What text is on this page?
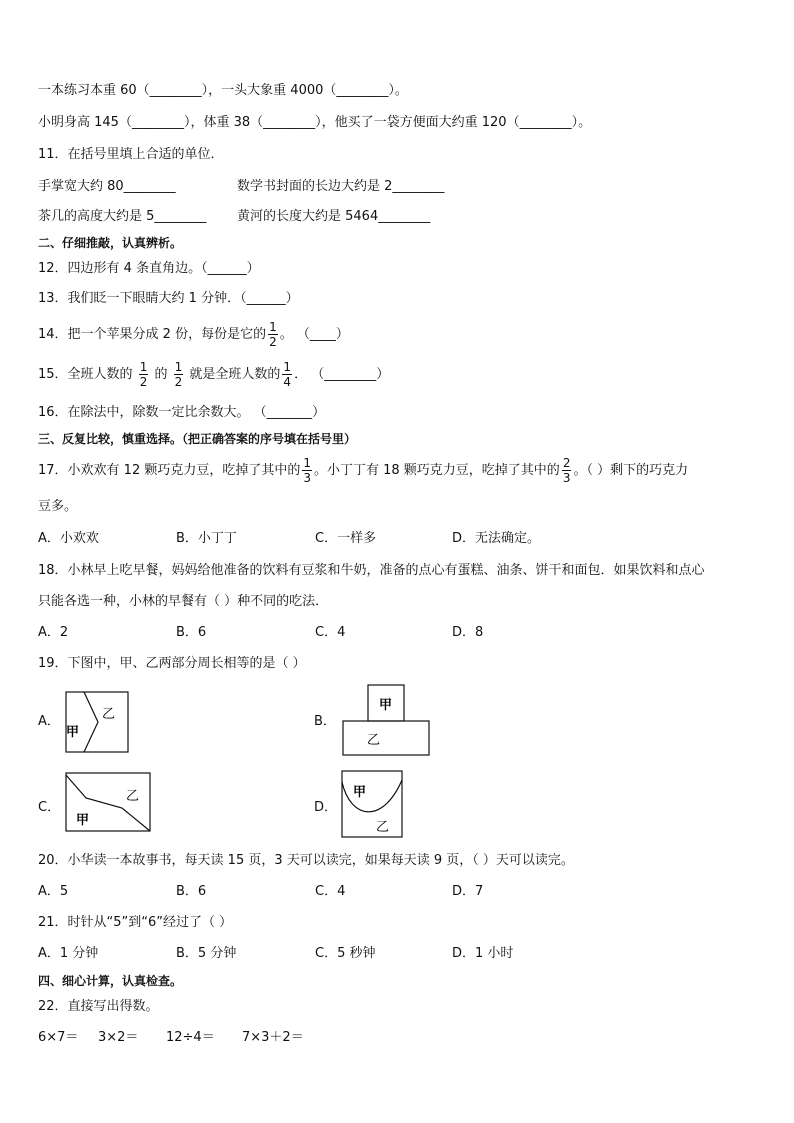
一本练习本重 60（________），一头大象重 4000（________）。
小明身高 145（________），体重 38（________），他买了一袋方便面大约重 120（________）。
11．在括号里填上合适的单位．
手掌宽大约 80________	数学书封面的长边大约是 2________
茶几的高度大约是 5________ 黄河的长度大约是 5464________
二、仔细推敲，认真辨析。
12．四边形有 4 条直角边。（______）
13．我们眨一下眼睛大约 1 分钟．（______）
14．把一个苹果分成 2 份，每份是它的 $\frac{1}{2}$ 。 （____）
15．全班人数的 $\frac{1}{2}$ 的 $\frac{1}{2}$ 就是全班人数的 $\frac{1}{4}$ ． （________）
16．在除法中，除数一定比余数大。 （_______）
三、反复比较，慎重选择。（把正确答案的序号填在括号里）
17．小欢欢有 12 颗巧克力豆，吃掉了其中的 $\frac{1}{3}$ 。小丁丁有 18 颗巧克力豆，吃掉了其中的 $\frac{2}{3}$ 。（ ）剩下的巧克力
豆多。
A．小欢欢	B．小丁丁	C．一样多	D．无法确定。
18．小林早上吃早餐，妈妈给他准备的饮料有豆浆和牛奶，准备的点心有蛋糕、油条、饼干和面包．如果饮料和点心
只能各选一种，小林的早餐有（ ）种不同的吃法．
A．2	B．6	C．4	D．8
19．下图中，甲、乙两部分周长相等的是（ ）
A．
甲
乙	B．
甲
乙
C．
乙
甲
D．
甲
乙
20．小华读一本故事书，每天读 15 页，3 天可以读完，如果每天读 9 页，（ ）天可以读完。
A．5	B．6	C．4	D．7
21．时针从“5”到“6”经过了（ ）
A．1 分钟	B．5 分钟	C．5 秒钟	D．1 小时
四、细心计算，认真检查。
22．直接写出得数。
6×7＝ 3×2＝ 12÷4＝ 7×3＋2＝
